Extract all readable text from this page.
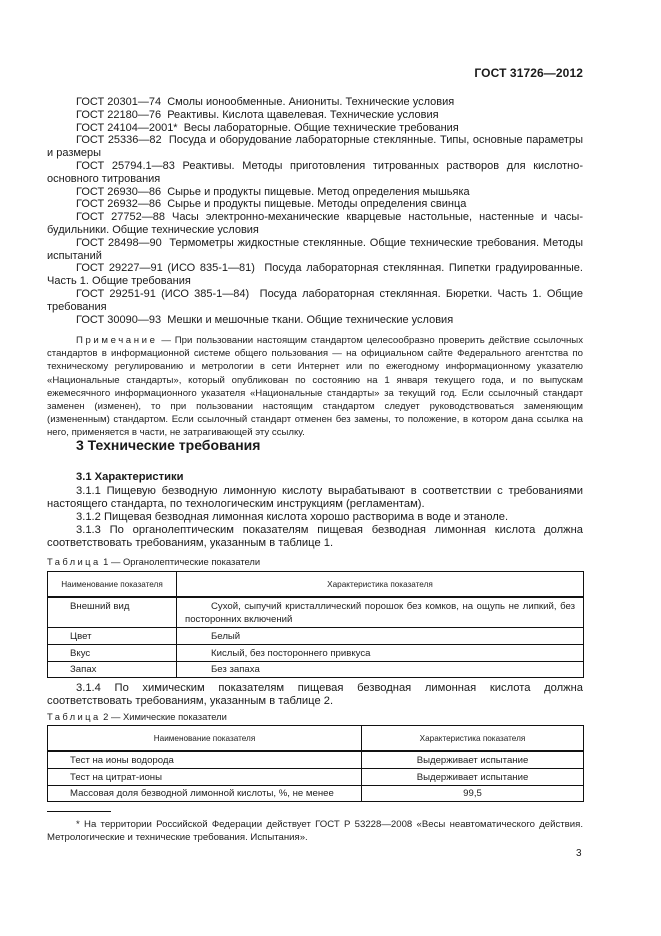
ГОСТ 31726—2012
ГОСТ 20301—74 Смолы ионообменные. Аниониты. Технические условия
ГОСТ 22180—76 Реактивы. Кислота щавелевая. Технические условия
ГОСТ 24104—2001* Весы лабораторные. Общие технические требования
ГОСТ 25336—82 Посуда и оборудование лабораторные стеклянные. Типы, основные параметры и размеры
ГОСТ 25794.1—83 Реактивы. Методы приготовления титрованных растворов для кислотно-основного титрования
ГОСТ 26930—86 Сырье и продукты пищевые. Метод определения мышьяка
ГОСТ 26932—86 Сырье и продукты пищевые. Методы определения свинца
ГОСТ 27752—88 Часы электронно-механические кварцевые настольные, настенные и часы-будильники. Общие технические условия
ГОСТ 28498—90 Термометры жидкостные стеклянные. Общие технические требования. Методы испытаний
ГОСТ 29227—91 (ИСО 835-1—81) Посуда лабораторная стеклянная. Пипетки градуированные. Часть 1. Общие требования
ГОСТ 29251-91 (ИСО 385-1—84) Посуда лабораторная стеклянная. Бюретки. Часть 1. Общие требования
ГОСТ 30090—93 Мешки и мешочные ткани. Общие технические условия
Примечание — При пользовании настоящим стандартом целесообразно проверить действие ссылочных стандартов в информационной системе общего пользования — на официальном сайте Федерального агентства по техническому регулированию и метрологии в сети Интернет или по ежегодному информационному указателю «Национальные стандарты», который опубликован по состоянию на 1 января текущего года, и по выпускам ежемесячного информационного указателя «Национальные стандарты» за текущий год. Если ссылочный стандарт заменен (изменен), то при пользовании настоящим стандартом следует руководствоваться заменяющим (измененным) стандартом. Если ссылочный стандарт отменен без замены, то положение, в котором дана ссылка на него, применяется в части, не затрагивающей эту ссылку.
3 Технические требования
3.1 Характеристики
3.1.1 Пищевую безводную лимонную кислоту вырабатывают в соответствии с требованиями настоящего стандарта, по технологическим инструкциям (регламентам).
3.1.2 Пищевая безводная лимонная кислота хорошо растворима в воде и этаноле.
3.1.3 По органолептическим показателям пищевая безводная лимонная кислота должна соответствовать требованиям, указанным в таблице 1.
Таблица 1 — Органолептические показатели
Наименование показателя	Характеристика показателя
Внешний вид	Сухой, сыпучий кристаллический порошок без комков, на ощупь не липкий, без посторонних включений
Цвет	Белый
Вкус	Кислый, без постороннего привкуса
Запах	Без запаха
3.1.4 По химическим показателям пищевая безводная лимонная кислота должна соответствовать требованиям, указанным в таблице 2.
Таблица 2 — Химические показатели
Наименование показателя	Характеристика показателя
Тест на ионы водорода	Выдерживает испытание
Тест на цитрат-ионы	Выдерживает испытание
Массовая доля безводной лимонной кислоты, %, не менее	99,5
* На территории Российской Федерации действует ГОСТ Р 53228—2008 «Весы неавтоматического действия. Метрологические и технические требования. Испытания».
3
